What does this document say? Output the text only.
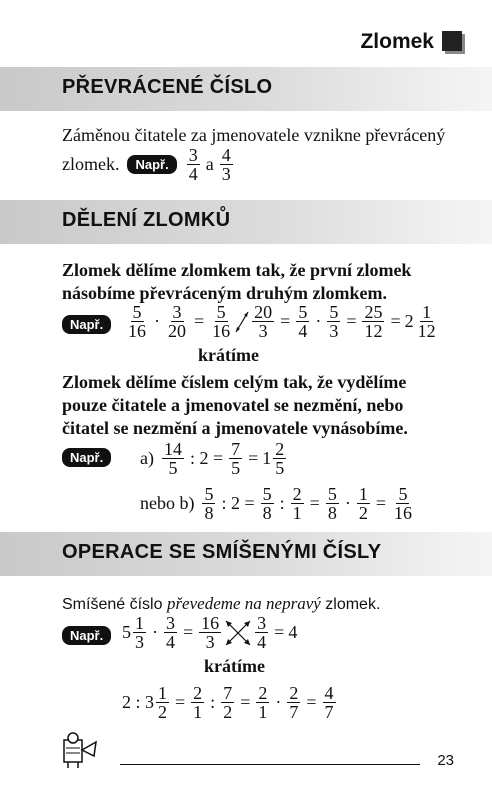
Zlomek
PŘEVRÁCENÉ ČÍSLO
Záměnou čitatele za jmenovatele vznikne převrácený
zlomek.	Např.	$\frac{3}{4}$ a $\frac{4}{3}$
DĚLENÍ ZLOMKŮ
Zlomek dělíme zlomkem tak, že první zlomek
násobíme převráceným druhým zlomkem.
Např.	$\frac{5}{16} \cdot \frac{3}{20} = \frac{5}{16} \frac{20}{3} = \frac{5}{4} \cdot \frac{5}{3} = \frac{25}{12} = 2 \frac{1}{12}$
krátíme
Zlomek dělíme číslem celým tak, že vydělíme
pouze čitatele a jmenovatel se nezmění, nebo
čitatel se nezmění a jmenovatele vynásobíme.
Např.	$a) \frac{14}{5}$ : $2 = \frac{7}{5} = 1 \frac{2}{5}$
nebo $b) \frac{5}{8}$ : $2 = \frac{5}{8}$ : $\frac{2}{1} = \frac{5}{8} \cdot \frac{1}{2} = \frac{5}{16}$
OPERACE SE SMÍŠENÝMI ČÍSLY
Smíšené číslo převedeme na nepravý zlomek.
Např.	$5 \frac{1}{3} \cdot \frac{3}{4} = \frac{16}{3} \frac{3}{4} = 4$
krátíme
2 : $3 \frac{1}{2} = \frac{2}{1}$ : $\frac{7}{2} = \frac{2}{1} \cdot \frac{2}{7} = \frac{4}{7}$
23
